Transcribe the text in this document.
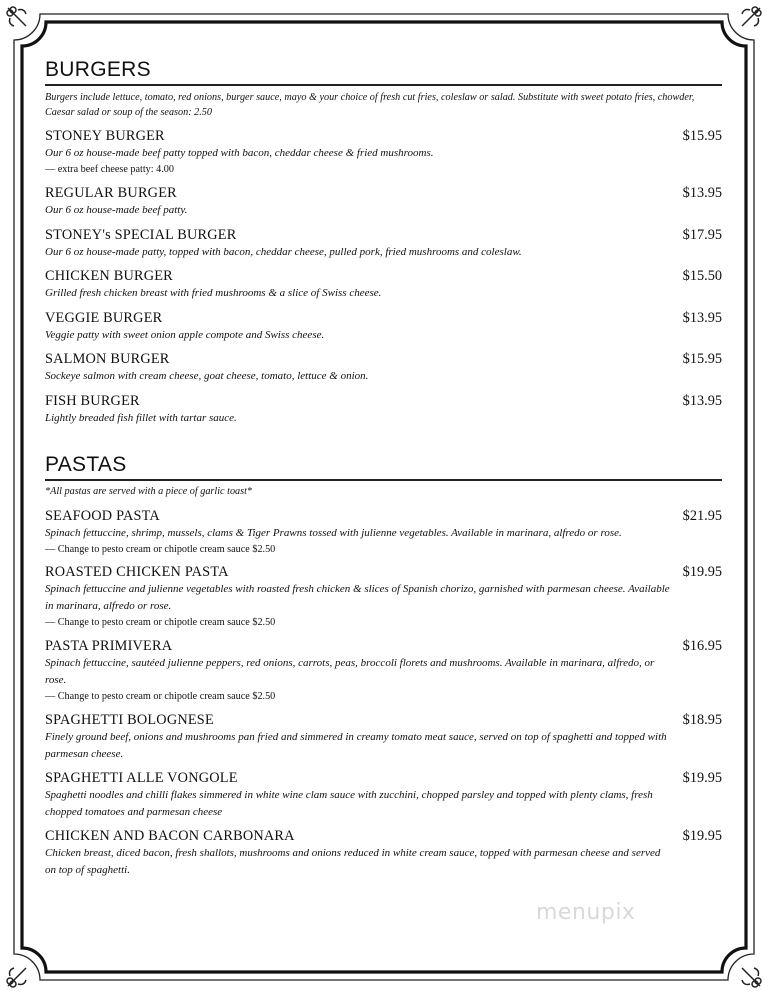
BURGERS
Burgers include lettuce, tomato, red onions, burger sauce, mayo & your choice of fresh cut fries, coleslaw or salad. Substitute with sweet potato fries, chowder, Caesar salad or soup of the season: 2.50
STONEY BURGER	$15.95
Our 6 oz house-made beef patty topped with bacon, cheddar cheese & fried mushrooms.
— extra beef cheese patty: 4.00
REGULAR BURGER	$13.95
Our 6 oz house-made beef patty.
STONEY's SPECIAL BURGER	$17.95
Our 6 oz house-made patty, topped with bacon, cheddar cheese, pulled pork, fried mushrooms and coleslaw.
CHICKEN BURGER	$15.50
Grilled fresh chicken breast with fried mushrooms & a slice of Swiss cheese.
VEGGIE BURGER	$13.95
Veggie patty with sweet onion apple compote and Swiss cheese.
SALMON BURGER	$15.95
Sockeye salmon with cream cheese, goat cheese, tomato, lettuce & onion.
FISH BURGER	$13.95
Lightly breaded fish fillet with tartar sauce.
PASTAS
*All pastas are served with a piece of garlic toast*
SEAFOOD PASTA	$21.95
Spinach fettuccine, shrimp, mussels, clams & Tiger Prawns tossed with julienne vegetables. Available in marinara, alfredo or rose.
— Change to pesto cream or chipotle cream sauce $2.50
ROASTED CHICKEN PASTA	$19.95
Spinach fettuccine and julienne vegetables with roasted fresh chicken & slices of Spanish chorizo, garnished with parmesan cheese. Available in marinara, alfredo or rose.
— Change to pesto cream or chipotle cream sauce $2.50
PASTA PRIMIVERA	$16.95
Spinach fettuccine, sautéed julienne peppers, red onions, carrots, peas, broccoli florets and mushrooms. Available in marinara, alfredo, or rose.
— Change to pesto cream or chipotle cream sauce $2.50
SPAGHETTI BOLOGNESE	$18.95
Finely ground beef, onions and mushrooms pan fried and simmered in creamy tomato meat sauce, served on top of spaghetti and topped with parmesan cheese.
SPAGHETTI ALLE VONGOLE	$19.95
Spaghetti noodles and chilli flakes simmered in white wine clam sauce with zucchini, chopped parsley and topped with plenty clams, fresh chopped tomatoes and parmesan cheese
CHICKEN AND BACON CARBONARA	$19.95
Chicken breast, diced bacon, fresh shallots, mushrooms and onions reduced in white cream sauce, topped with parmesan cheese and served on top of spaghetti.
menupix
